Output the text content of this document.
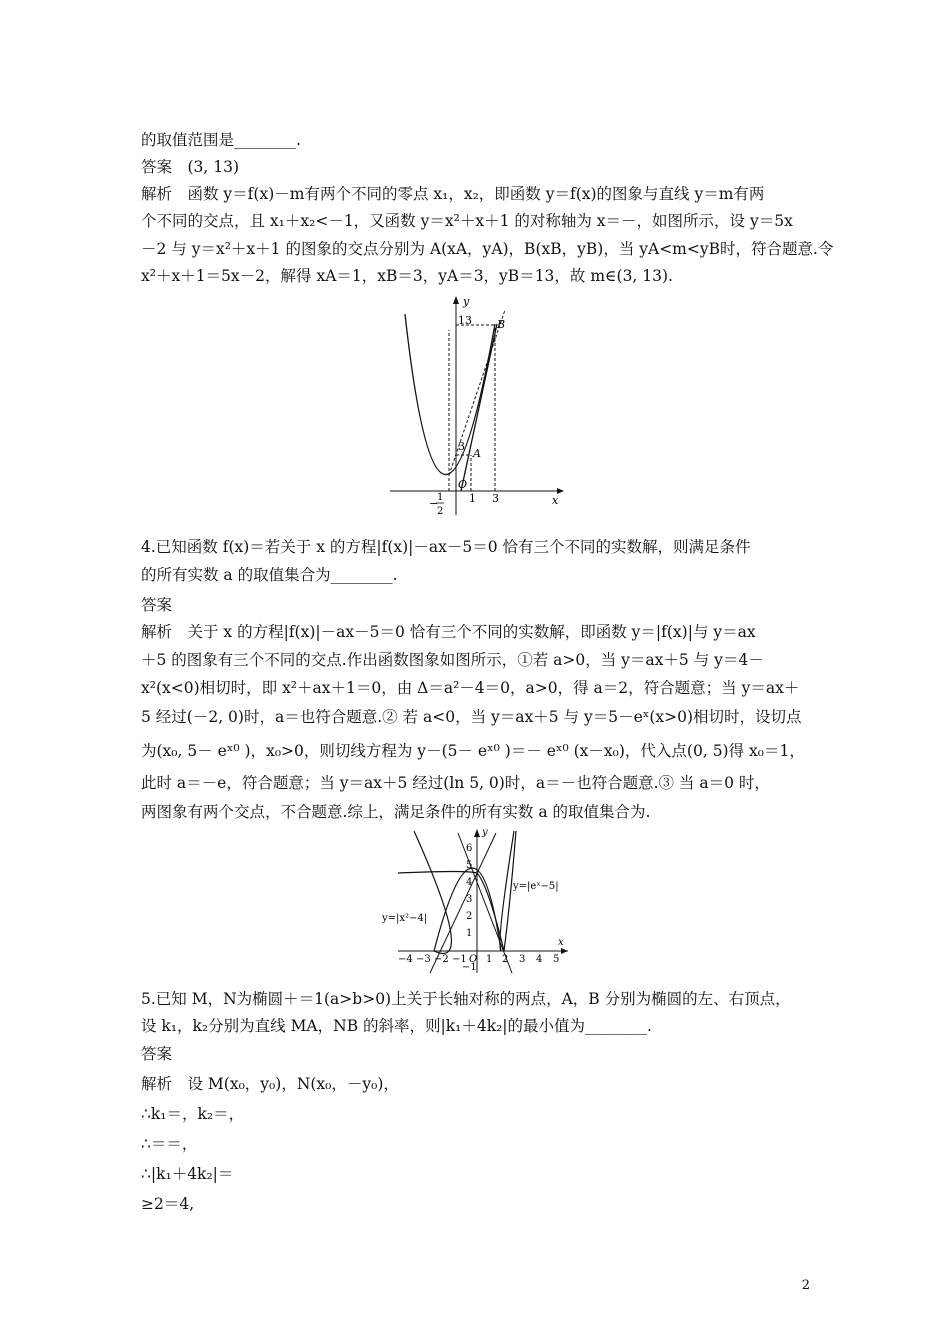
的取值范围是________.
答案　(3, 13)
解析　函数 y＝f(x)－m有两个不同的零点 x₁，x₂，即函数 y＝f(x)的图象与直线 y＝m有两
个不同的交点，且 x₁＋x₂<－1，又函数 y＝x²＋x＋1 的对称轴为 x＝－，如图所示，设 y＝5x
－2 与 y＝x²＋x＋1 的图象的交点分别为 A(xA，yA)，B(xB，yB)，当 yA<m<yB时，符合题意.令
x²＋x＋1＝5x－2，解得 xA＝1，xB＝3，yA＝3，yB＝13，故 m∈(3, 13).
y
x
13 B
3
A
O
1 3
−
1
2
4.已知函数 f(x)＝若关于 x 的方程|f(x)|－ax－5＝0 恰有三个不同的实数解，则满足条件
的所有实数 a 的取值集合为________.
答案
解析　关于 x 的方程|f(x)|－ax－5＝0 恰有三个不同的实数解，即函数 y＝|f(x)|与 y＝ax
＋5 的图象有三个不同的交点.作出函数图象如图所示，①若 a>0，当 y＝ax＋5 与 y＝4－
x²(x<0)相切时，即 x²＋ax＋1＝0，由 Δ＝a²－4＝0，a>0，得 a＝2，符合题意；当 y＝ax＋
5 经过(－2, 0)时，a＝也符合题意.② 若 a<0，当 y＝ax＋5 与 y＝5－eˣ(x>0)相切时，设切点
为(x₀, 5－ eˣ⁰ )，x₀>0，则切线方程为 y－(5－ eˣ⁰ )＝－ eˣ⁰ (x－x₀)，代入点(0, 5)得 x₀＝1，
此时 a＝－e，符合题意；当 y＝ax＋5 经过(ln 5, 0)时，a＝－也符合题意.③ 当 a＝0 时，
两图象有两个交点，不合题意.综上，满足条件的所有实数 a 的取值集合为.
y
x
O
y=|eˣ−5|
y=|x²−4|
6
5
4
3
2
1
−1
−4 −3 −2 −1 1 2 3 4 5
5.已知 M，N为椭圆＋＝1(a>b>0)上关于长轴对称的两点，A，B 分别为椭圆的左、右顶点，
设 k₁，k₂分别为直线 MA，NB 的斜率，则|k₁＋4k₂|的最小值为________.
答案
解析　设 M(x₀，y₀)，N(x₀，－y₀)，
∴k₁＝，k₂＝，
∴＝＝，
∴|k₁＋4k₂|＝
≥2＝4,
2
